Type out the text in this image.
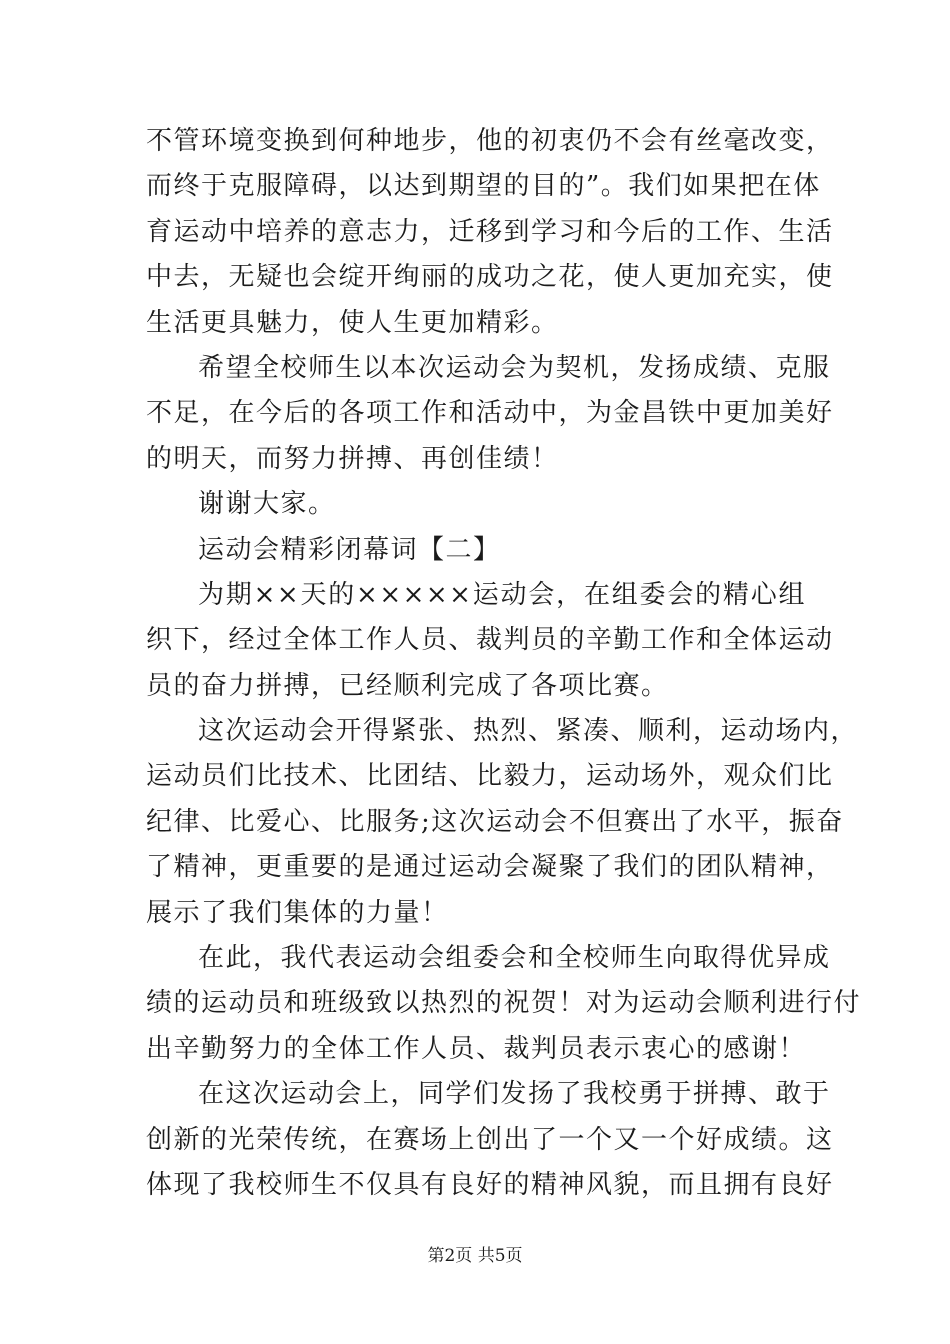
不管环境变换到何种地步，他的初衷仍不会有丝毫改变，
而终于克服障碍，以达到期望的目的”。我们如果把在体
育运动中培养的意志力，迁移到学习和今后的工作、生活
中去，无疑也会绽开绚丽的成功之花，使人更加充实，使
生活更具魅力，使人生更加精彩。
希望全校师生以本次运动会为契机，发扬成绩、克服
不足，在今后的各项工作和活动中，为金昌铁中更加美好
的明天，而努力拼搏、再创佳绩！
谢谢大家。
运动会精彩闭幕词【二】
为期××天的×××××运动会，在组委会的精心组
织下，经过全体工作人员、裁判员的辛勤工作和全体运动
员的奋力拼搏，已经顺利完成了各项比赛。
这次运动会开得紧张、热烈、紧凑、顺利，运动场内，
运动员们比技术、比团结、比毅力，运动场外，观众们比
纪律、比爱心、比服务;这次运动会不但赛出了水平，振奋
了精神，更重要的是通过运动会凝聚了我们的团队精神，
展示了我们集体的力量！
在此，我代表运动会组委会和全校师生向取得优异成
绩的运动员和班级致以热烈的祝贺！对为运动会顺利进行付
出辛勤努力的全体工作人员、裁判员表示衷心的感谢！
在这次运动会上，同学们发扬了我校勇于拼搏、敢于
创新的光荣传统，在赛场上创出了一个又一个好成绩。这
体现了我校师生不仅具有良好的精神风貌，而且拥有良好
第2页 共5页
